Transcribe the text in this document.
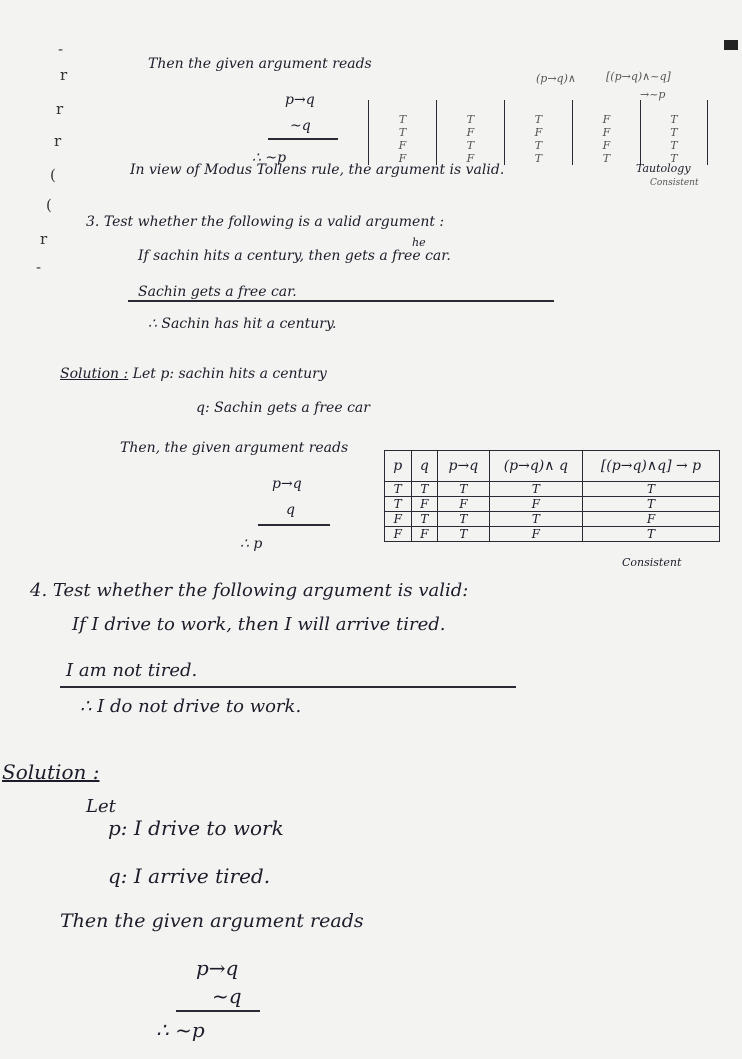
-
r
r
r
(
(
r
-
Then the given argument reads
p→q
~q
∴ ~p
(p→q)∧	[(p→q)∧~q]
→~p

T	T	T	F	T
T	F	F	F	T
F	T	T	F	T
F	F	T	T	T
In view of Modus Tollens rule, the argument is valid.	Tautology
Consistent
3. Test whether the following is a valid argument :
he
If sachin hits a century, then gets a free car.
Sachin gets a free car.
∴ Sachin has hit a century.
Solution : Let p: sachin hits a century
q: Sachin gets a free car
Then, the given argument reads
p→q
q
∴ p
p	q	p→q	(p→q)∧ q	[(p→q)∧q] → p
T	T	T	T	T
T	F	F	F	T
F	T	T	T	F
F	F	T	F	T
Consistent
4. Test whether the following argument is valid:
If I drive to work, then I will arrive tired.
I am not tired.
∴ I do not drive to work.
Solution :
Let
p: I drive to work
q: I arrive tired.
Then the given argument reads
p→q
~q
∴ ~p
